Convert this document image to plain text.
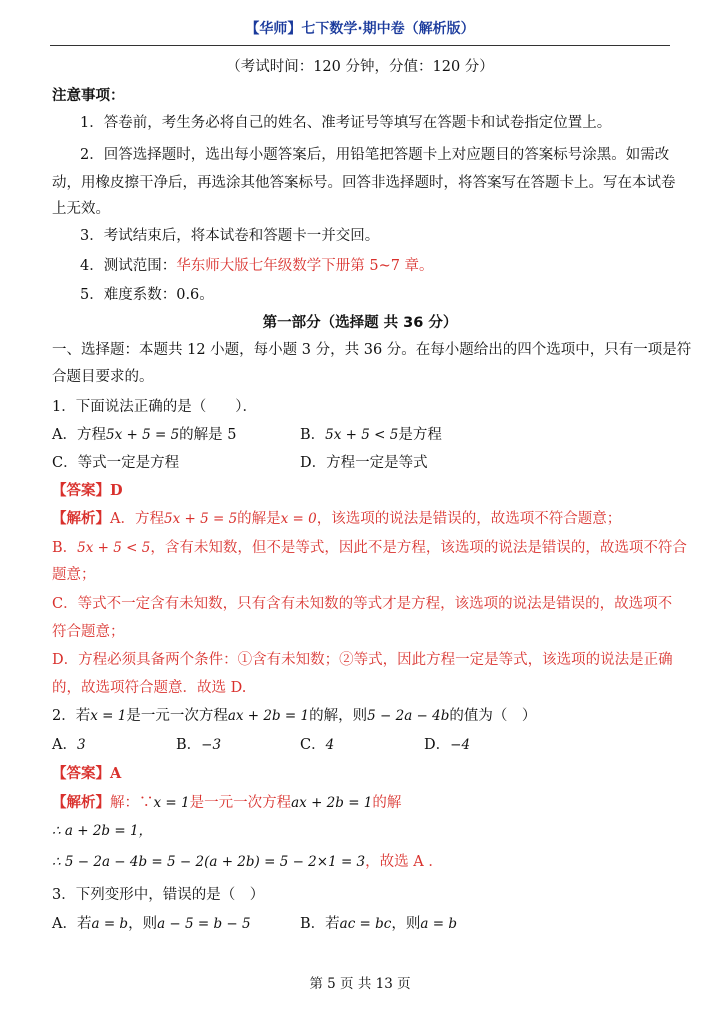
【华师】七下数学·期中卷（解析版）
（考试时间：120 分钟，分值：120 分）
注意事项：
1．答卷前，考生务必将自己的姓名、准考证号等填写在答题卡和试卷指定位置上。
2．回答选择题时，选出每小题答案后，用铅笔把答题卡上对应题目的答案标号涂黑。如需改
动，用橡皮擦干净后，再选涂其他答案标号。回答非选择题时，将答案写在答题卡上。写在本试卷
上无效。
3．考试结束后，将本试卷和答题卡一并交回。
4．测试范围：华东师大版七年级数学下册第 5~7 章。
5．难度系数：0.6。
第一部分（选择题 共 36 分）
一、选择题：本题共 12 小题，每小题 3 分，共 36 分。在每小题给出的四个选项中，只有一项是符
合题目要求的。
1．下面说法正确的是（　　）．
A．方程5x + 5 = 5的解是 5	B．5x + 5 < 5是方程
C．等式一定是方程	D．方程一定是等式
【答案】D
【解析】A．方程5x + 5 = 5的解是x = 0，该选项的说法是错误的，故选项不符合题意；
B．5x + 5 < 5，含有未知数，但不是等式，因此不是方程，该选项的说法是错误的，故选项不符合
题意；
C．等式不一定含有未知数，只有含有未知数的等式才是方程，该选项的说法是错误的，故选项不
符合题意；
D．方程必须具备两个条件：①含有未知数；②等式，因此方程一定是等式，该选项的说法是正确
的，故选项符合题意．故选 D.
2．若x = 1是一元一次方程ax + 2b = 1的解，则5 − 2a − 4b的值为（　）
A．3	B．−3	C．4	D．−4
【答案】A
【解析】解：∵x = 1是一元一次方程ax + 2b = 1的解
∴ a + 2b = 1，
∴ 5 − 2a − 4b = 5 − 2(a + 2b) = 5 − 2×1 = 3，故选 A ．
3．下列变形中，错误的是（　）
A．若a = b，则a − 5 = b − 5	B．若ac = bc，则a = b
第 5 页 共 13 页
